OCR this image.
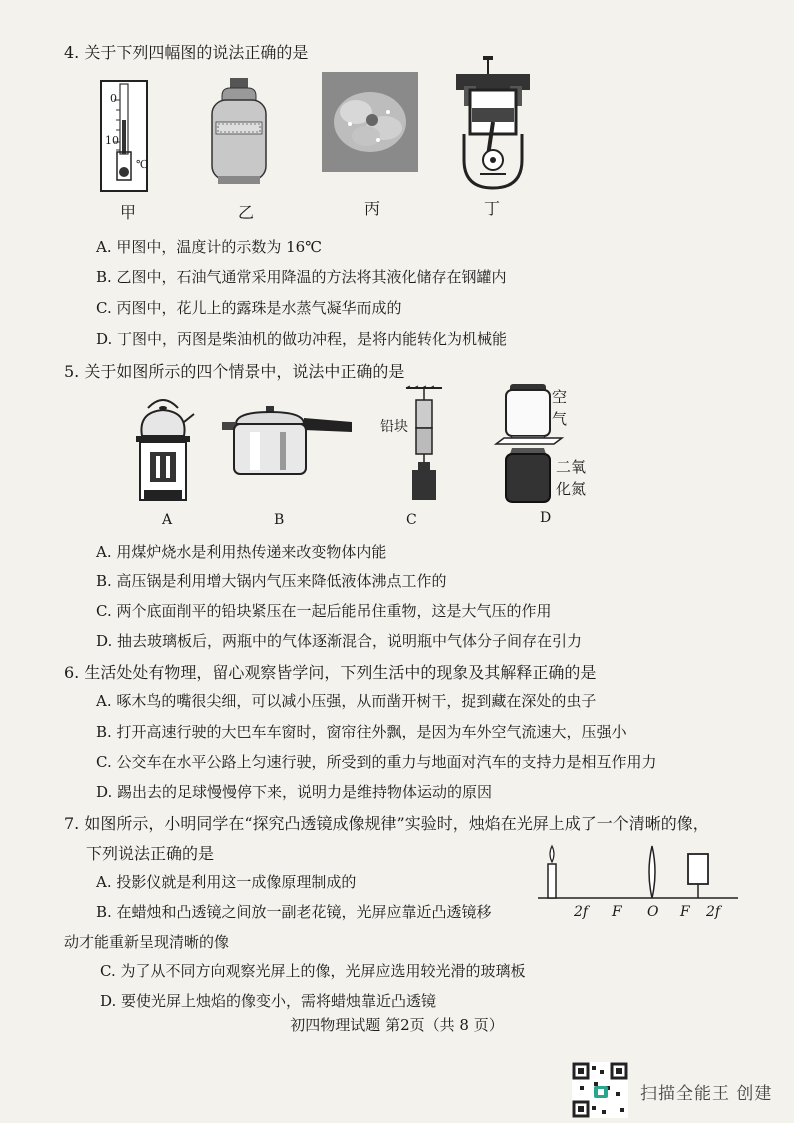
4. 关于下列四幅图的说法正确的是
0
10
℃
甲	乙	丙	丁
A. 甲图中，温度计的示数为 16℃
B. 乙图中，石油气通常采用降温的方法将其液化储存在钢罐内
C. 丙图中，花儿上的露珠是水蒸气凝华而成的
D. 丁图中，丙图是柴油机的做功冲程，是将内能转化为机械能
5. 关于如图所示的四个情景中，说法中正确的是
铅块
空
气
二氧
化氮
A	B	C	D
A. 用煤炉烧水是利用热传递来改变物体内能
B. 高压锅是利用增大锅内气压来降低液体沸点工作的
C. 两个底面削平的铅块紧压在一起后能吊住重物，这是大气压的作用
D. 抽去玻璃板后，两瓶中的气体逐渐混合，说明瓶中气体分子间存在引力
6. 生活处处有物理，留心观察皆学问，下列生活中的现象及其解释正确的是
A. 啄木鸟的嘴很尖细，可以减小压强，从而凿开树干，捉到藏在深处的虫子
B. 打开高速行驶的大巴车车窗时，窗帘往外飘，是因为车外空气流速大，压强小
C. 公交车在水平公路上匀速行驶，所受到的重力与地面对汽车的支持力是相互作用力
D. 踢出去的足球慢慢停下来，说明力是维持物体运动的原因
7. 如图所示，小明同学在“探究凸透镜成像规律”实验时，烛焰在光屏上成了一个清晰的像，
下列说法正确的是
2f F O F 2f
A. 投影仪就是利用这一成像原理制成的
B. 在蜡烛和凸透镜之间放一副老花镜，光屏应靠近凸透镜移
动才能重新呈现清晰的像
C. 为了从不同方向观察光屏上的像，光屏应选用较光滑的玻璃板
D. 要使光屏上烛焰的像变小，需将蜡烛靠近凸透镜
初四物理试题 第2页（共 8 页）
扫描全能王 创建
